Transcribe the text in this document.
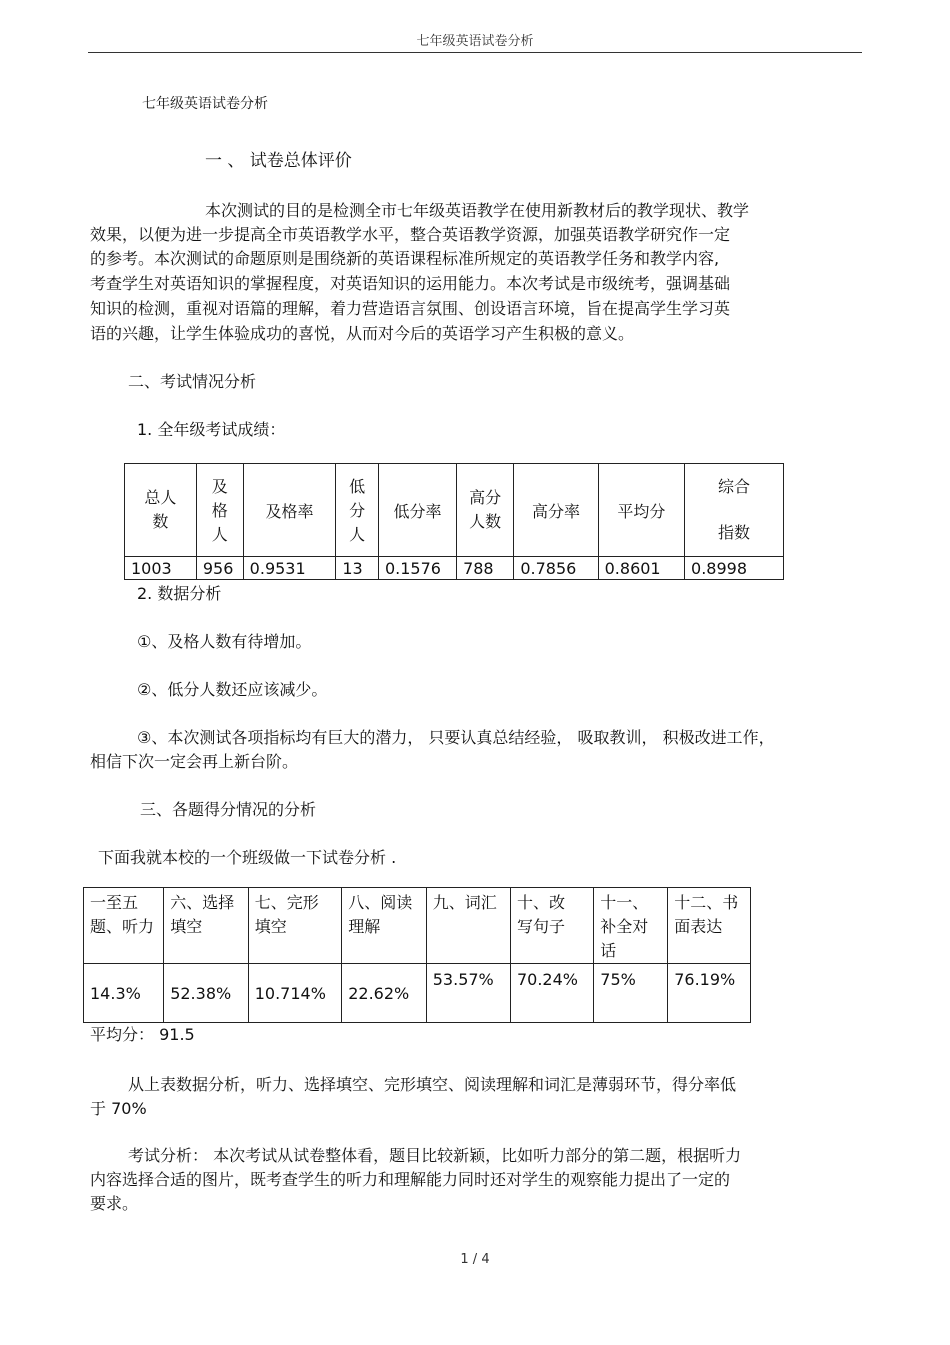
七年级英语试卷分析
七年级英语试卷分析
一 、 试卷总体评价
本次测试的目的是检测全市七年级英语教学在使用新教材后的教学现状、教学
效果，以便为进一步提高全市英语教学水平，整合英语教学资源，加强英语教学研究作一定
的参考。本次测试的命题原则是围绕新的英语课程标准所规定的英语教学任务和教学内容,
考查学生对英语知识的掌握程度，对英语知识的运用能力。本次考试是市级统考，强调基础
知识的检测，重视对语篇的理解，着力营造语言氛围、创设语言环境，旨在提高学生学习英
语的兴趣，让学生体验成功的喜悦，从而对今后的英语学习产生积极的意义。
二、考试情况分析
1. 全年级考试成绩：
总人数	及格人	及格率	低分人	低分率	高分人数	高分率	平均分	综合指数

1003	956	0.9531	13	0.1576	788	0.7856	0.8601	0.8998
2. 数据分析
①、及格人数有待增加。
②、低分人数还应该减少。
③、本次测试各项指标均有巨大的潜力， 只要认真总结经验， 吸取教训， 积极改进工作，
相信下次一定会再上新台阶。
三、各题得分情况的分析
下面我就本校的一个班级做一下试卷分析 .
一至五题、听力	六、选择填空	七、完形填空	八、阅读理解	九、词汇	十、改写句子	十一、补全对话	十二、书面表达

14.3%	52.38%	10.714%	22.62%	53.57%	70.24%	75%	76.19%
平均分： 91.5
从上表数据分析，听力、选择填空、完形填空、阅读理解和词汇是薄弱环节，得分率低
于 70%
考试分析： 本次考试从试卷整体看，题目比较新颖，比如听力部分的第二题，根据听力
内容选择合适的图片，既考查学生的听力和理解能力同时还对学生的观察能力提出了一定的
要求。
1 / 4
